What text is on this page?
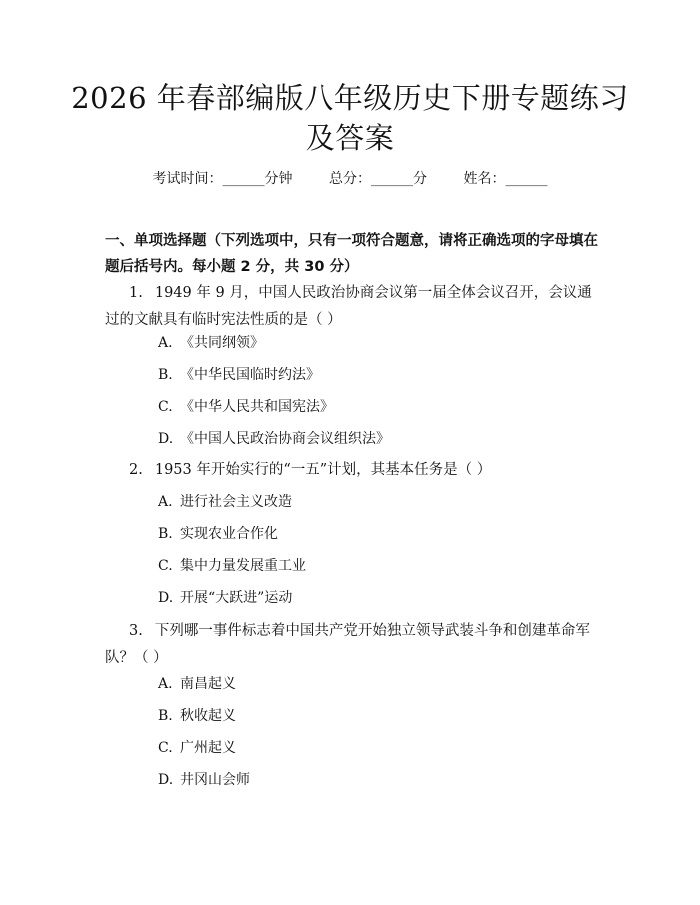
2026 年春部编版八年级历史下册专题练习及答案
考试时间：______分钟	总分：______分	姓名：______
一、单项选择题（下列选项中，只有一项符合题意，请将正确选项的字母填在题后括号内。每小题 2 分，共 30 分）
1. 1949 年 9 月，中国人民政治协商会议第一届全体会议召开，会议通过的文献具有临时宪法性质的是（ ）
A. 《共同纲领》
B. 《中华民国临时约法》
C. 《中华人民共和国宪法》
D. 《中国人民政治协商会议组织法》
2. 1953 年开始实行的“一五”计划，其基本任务是（ ）
A. 进行社会主义改造
B. 实现农业合作化
C. 集中力量发展重工业
D. 开展“大跃进”运动
3. 下列哪一事件标志着中国共产党开始独立领导武装斗争和创建革命军队？（ ）
A. 南昌起义
B. 秋收起义
C. 广州起义
D. 井冈山会师
